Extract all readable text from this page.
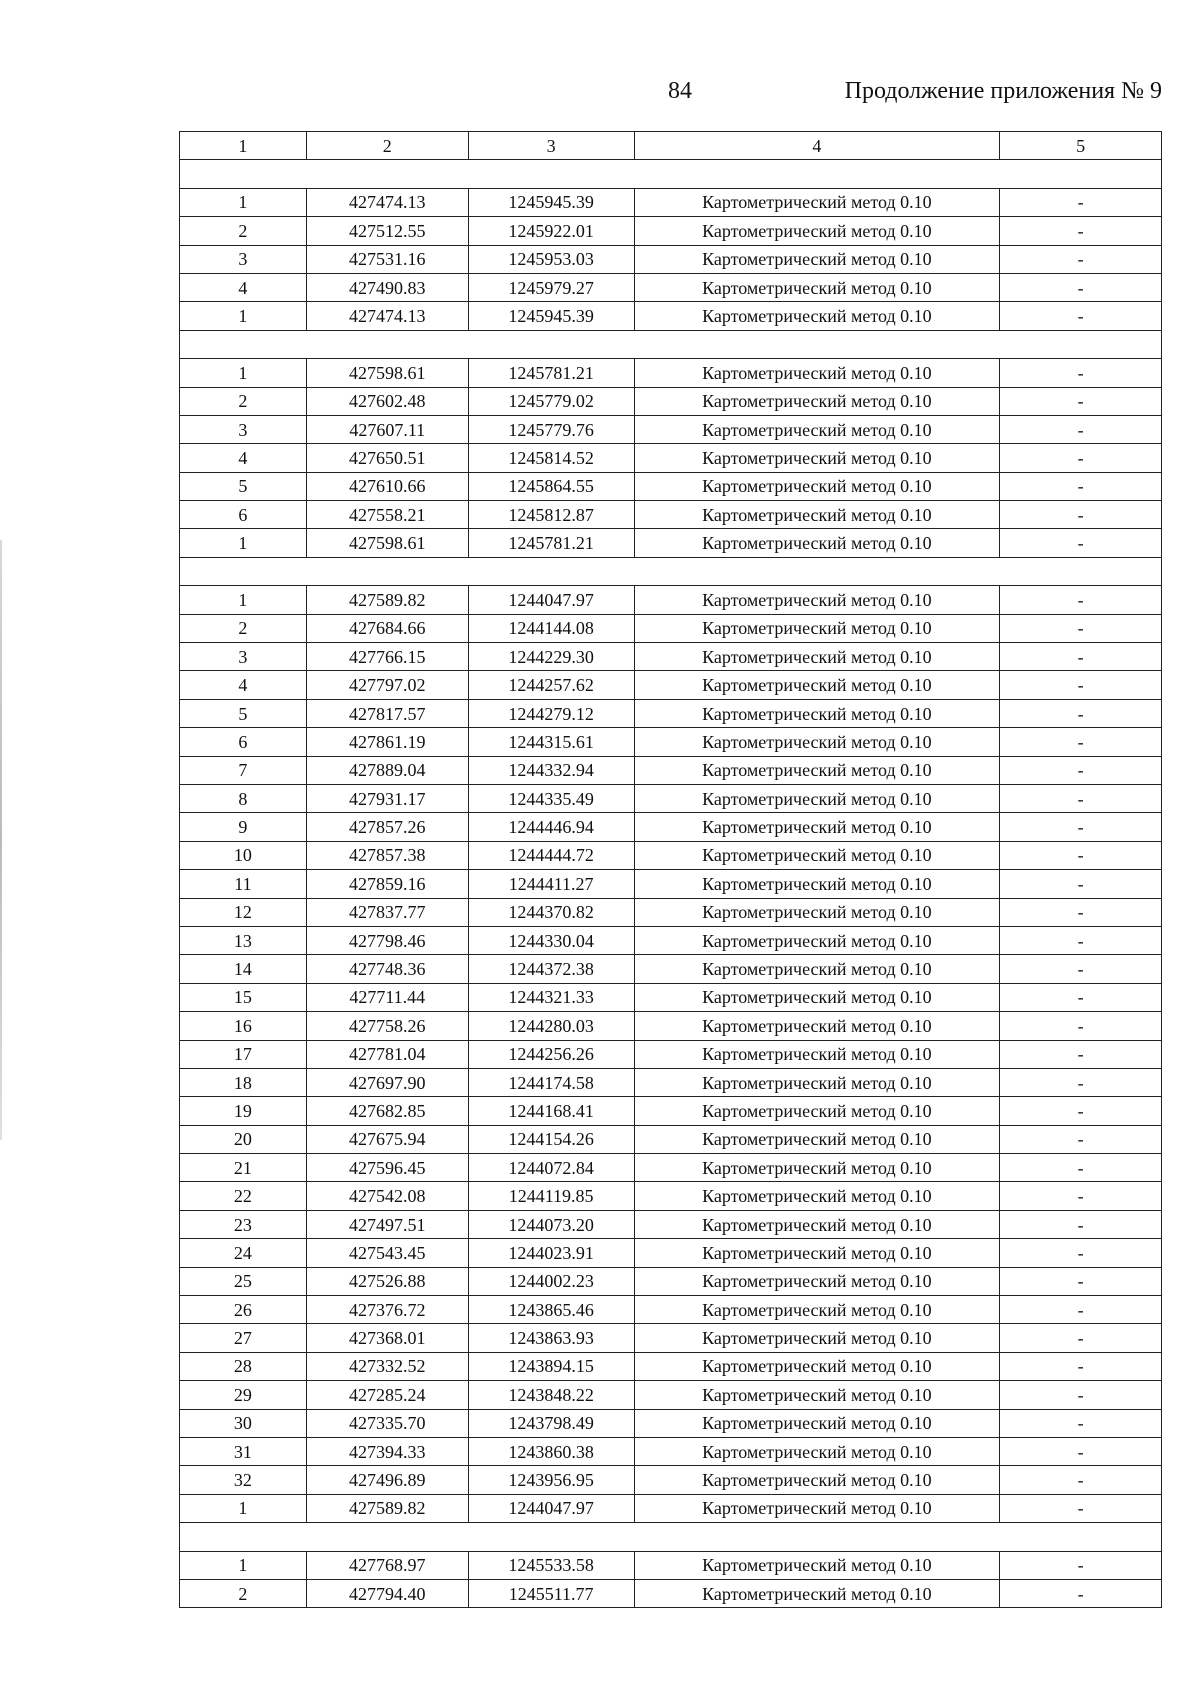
84	Продолжение приложения № 9
1	2	3	4	5

1	427474.13	1245945.39	Картометрический метод 0.10	-
2	427512.55	1245922.01	Картометрический метод 0.10	-
3	427531.16	1245953.03	Картометрический метод 0.10	-
4	427490.83	1245979.27	Картометрический метод 0.10	-
1	427474.13	1245945.39	Картометрический метод 0.10	-

1	427598.61	1245781.21	Картометрический метод 0.10	-
2	427602.48	1245779.02	Картометрический метод 0.10	-
3	427607.11	1245779.76	Картометрический метод 0.10	-
4	427650.51	1245814.52	Картометрический метод 0.10	-
5	427610.66	1245864.55	Картометрический метод 0.10	-
6	427558.21	1245812.87	Картометрический метод 0.10	-
1	427598.61	1245781.21	Картометрический метод 0.10	-

1	427589.82	1244047.97	Картометрический метод 0.10	-
2	427684.66	1244144.08	Картометрический метод 0.10	-
3	427766.15	1244229.30	Картометрический метод 0.10	-
4	427797.02	1244257.62	Картометрический метод 0.10	-
5	427817.57	1244279.12	Картометрический метод 0.10	-
6	427861.19	1244315.61	Картометрический метод 0.10	-
7	427889.04	1244332.94	Картометрический метод 0.10	-
8	427931.17	1244335.49	Картометрический метод 0.10	-
9	427857.26	1244446.94	Картометрический метод 0.10	-
10	427857.38	1244444.72	Картометрический метод 0.10	-
11	427859.16	1244411.27	Картометрический метод 0.10	-
12	427837.77	1244370.82	Картометрический метод 0.10	-
13	427798.46	1244330.04	Картометрический метод 0.10	-
14	427748.36	1244372.38	Картометрический метод 0.10	-
15	427711.44	1244321.33	Картометрический метод 0.10	-
16	427758.26	1244280.03	Картометрический метод 0.10	-
17	427781.04	1244256.26	Картометрический метод 0.10	-
18	427697.90	1244174.58	Картометрический метод 0.10	-
19	427682.85	1244168.41	Картометрический метод 0.10	-
20	427675.94	1244154.26	Картометрический метод 0.10	-
21	427596.45	1244072.84	Картометрический метод 0.10	-
22	427542.08	1244119.85	Картометрический метод 0.10	-
23	427497.51	1244073.20	Картометрический метод 0.10	-
24	427543.45	1244023.91	Картометрический метод 0.10	-
25	427526.88	1244002.23	Картометрический метод 0.10	-
26	427376.72	1243865.46	Картометрический метод 0.10	-
27	427368.01	1243863.93	Картометрический метод 0.10	-
28	427332.52	1243894.15	Картометрический метод 0.10	-
29	427285.24	1243848.22	Картометрический метод 0.10	-
30	427335.70	1243798.49	Картометрический метод 0.10	-
31	427394.33	1243860.38	Картометрический метод 0.10	-
32	427496.89	1243956.95	Картометрический метод 0.10	-
1	427589.82	1244047.97	Картометрический метод 0.10	-

1	427768.97	1245533.58	Картометрический метод 0.10	-
2	427794.40	1245511.77	Картометрический метод 0.10	-
